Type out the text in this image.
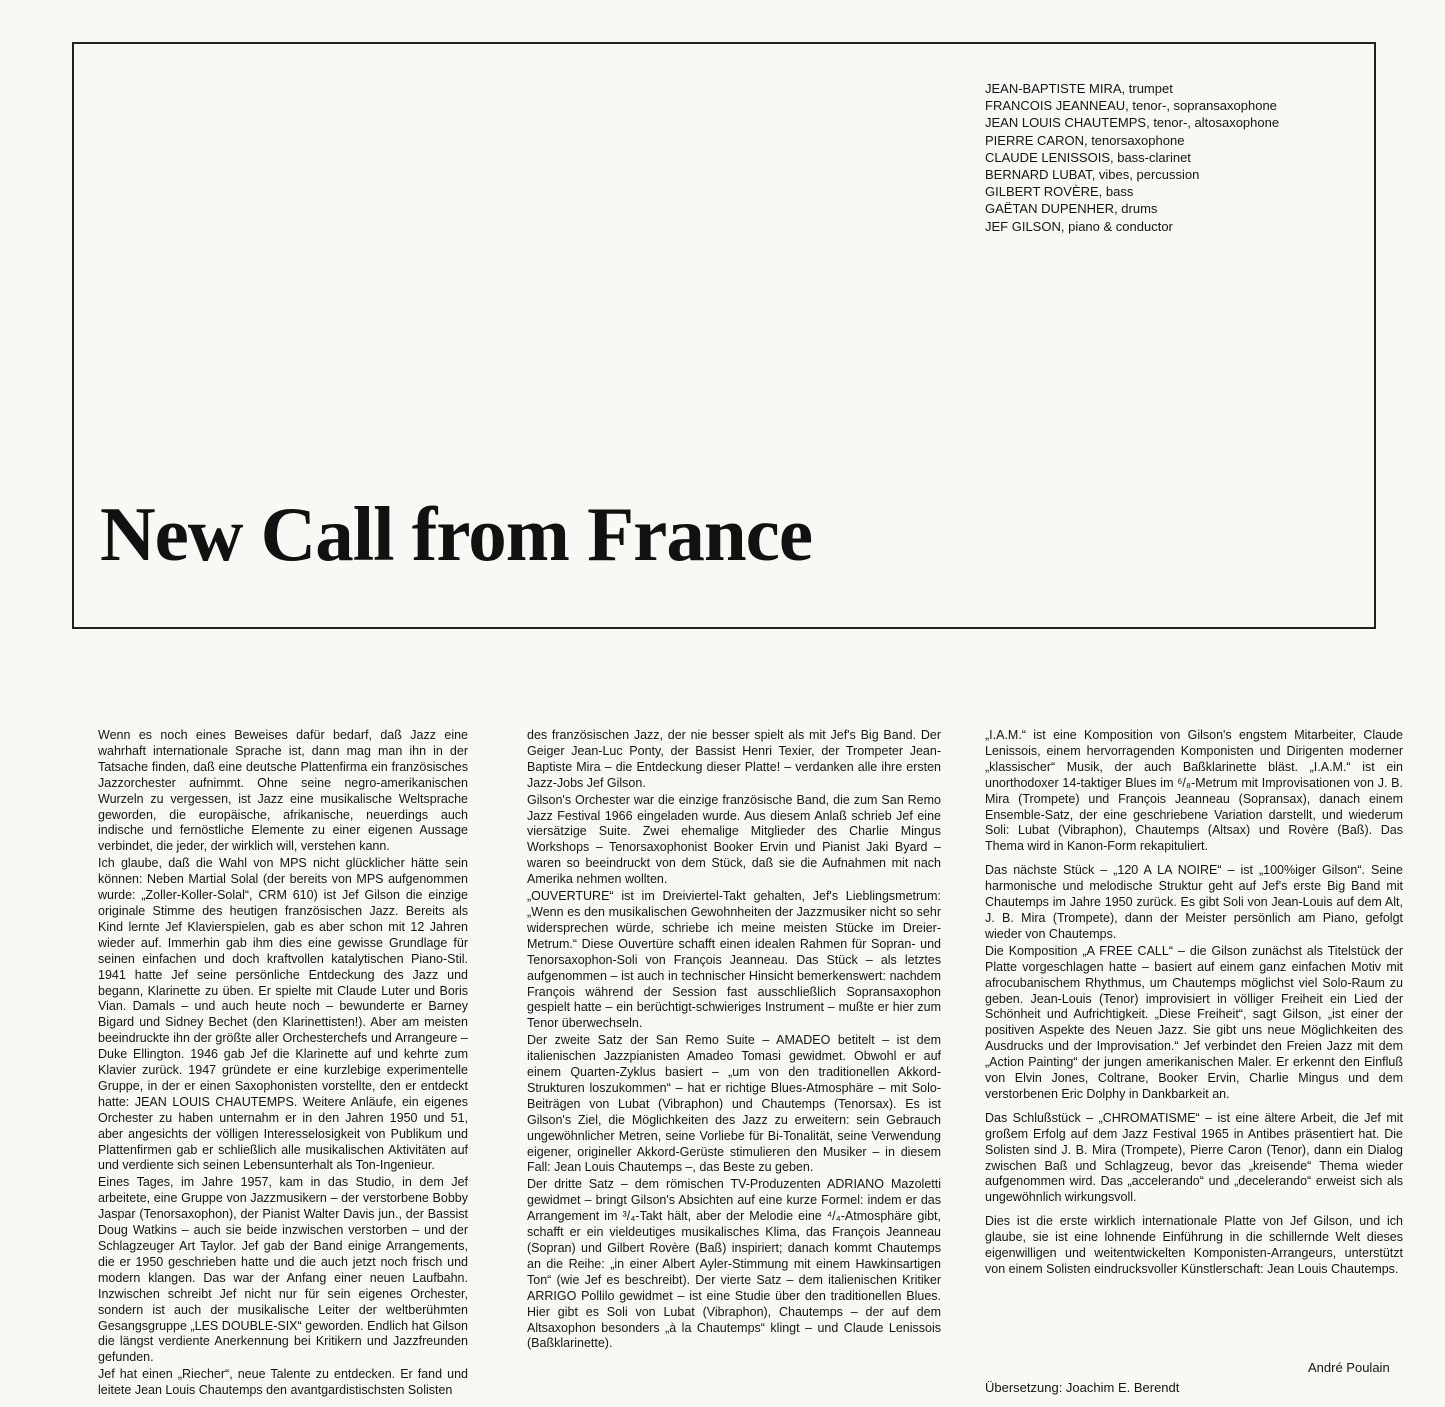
JEAN-BAPTISTE MIRA, trumpet
FRANCOIS JEANNEAU, tenor-, sopransaxophone
JEAN LOUIS CHAUTEMPS, tenor-, altosaxophone
PIERRE CARON, tenorsaxophone
CLAUDE LENISSOIS, bass-clarinet
BERNARD LUBAT, vibes, percussion
GILBERT ROVÈRE, bass
GAËTAN DUPENHER, drums
JEF GILSON, piano & conductor
New Call from France

Wenn es noch eines Beweises dafür bedarf, daß Jazz eine wahrhaft internationale Sprache ist, dann mag man ihn in der Tatsache finden, daß eine deutsche Plattenfirma ein französisches Jazzorchester aufnimmt. Ohne seine negro-amerikanischen Wurzeln zu vergessen, ist Jazz eine musikalische Weltsprache geworden, die europäische, afrikanische, neuerdings auch indische und fernöstliche Elemente zu einer eigenen Aussage verbindet, die jeder, der wirklich will, verstehen kann.

Ich glaube, daß die Wahl von MPS nicht glücklicher hätte sein können: Neben Martial Solal (der bereits von MPS aufgenommen wurde: „Zoller-Koller-Solal“, CRM 610) ist Jef Gilson die einzige originale Stimme des heutigen französischen Jazz. Bereits als Kind lernte Jef Klavierspielen, gab es aber schon mit 12 Jahren wieder auf. Immerhin gab ihm dies eine gewisse Grundlage für seinen einfachen und doch kraftvollen katalytischen Piano-Stil. 1941 hatte Jef seine persönliche Entdeckung des Jazz und begann, Klarinette zu üben. Er spielte mit Claude Luter und Boris Vian. Damals – und auch heute noch – bewunderte er Barney Bigard und Sidney Bechet (den Klarinettisten!). Aber am meisten beeindruckte ihn der größte aller Orchesterchefs und Arrangeure – Duke Ellington. 1946 gab Jef die Klarinette auf und kehrte zum Klavier zurück. 1947 gründete er eine kurzlebige experimentelle Gruppe, in der er einen Saxophonisten vorstellte, den er entdeckt hatte: JEAN LOUIS CHAUTEMPS. Weitere Anläufe, ein eigenes Orchester zu haben unternahm er in den Jahren 1950 und 51, aber angesichts der völligen Interesselosigkeit von Publikum und Plattenfirmen gab er schließlich alle musikalischen Aktivitäten auf und verdiente sich seinen Lebensunterhalt als Ton-Ingenieur.

Eines Tages, im Jahre 1957, kam in das Studio, in dem Jef arbeitete, eine Gruppe von Jazzmusikern – der verstorbene Bobby Jaspar (Tenorsaxophon), der Pianist Walter Davis jun., der Bassist Doug Watkins – auch sie beide inzwischen verstorben – und der Schlagzeuger Art Taylor. Jef gab der Band einige Arrangements, die er 1950 geschrieben hatte und die auch jetzt noch frisch und modern klangen. Das war der Anfang einer neuen Laufbahn. Inzwischen schreibt Jef nicht nur für sein eigenes Orchester, sondern ist auch der musikalische Leiter der weltberühmten Gesangsgruppe „LES DOUBLE-SIX“ geworden. Endlich hat Gilson die längst verdiente Anerkennung bei Kritikern und Jazzfreunden gefunden.

Jef hat einen „Riecher“, neue Talente zu entdecken. Er fand und leitete Jean Louis Chautemps den avantgardistischsten Solisten

des französischen Jazz, der nie besser spielt als mit Jef's Big Band. Der Geiger Jean-Luc Ponty, der Bassist Henri Texier, der Trompeter Jean-Baptiste Mira – die Entdeckung dieser Platte! – verdanken alle ihre ersten Jazz-Jobs Jef Gilson.

Gilson's Orchester war die einzige französische Band, die zum San Remo Jazz Festival 1966 eingeladen wurde. Aus diesem Anlaß schrieb Jef eine viersätzige Suite. Zwei ehemalige Mitglieder des Charlie Mingus Workshops – Tenorsaxophonist Booker Ervin und Pianist Jaki Byard – waren so beeindruckt von dem Stück, daß sie die Aufnahmen mit nach Amerika nehmen wollten.

„OUVERTURE“ ist im Dreiviertel-Takt gehalten, Jef's Lieblingsmetrum: „Wenn es den musikalischen Gewohnheiten der Jazzmusiker nicht so sehr widersprechen würde, schriebe ich meine meisten Stücke im Dreier-Metrum.“ Diese Ouvertüre schafft einen idealen Rahmen für Sopran- und Tenorsaxophon-Soli von François Jeanneau. Das Stück – als letztes aufgenommen – ist auch in technischer Hinsicht bemerkenswert: nachdem François während der Session fast ausschließlich Sopransaxophon gespielt hatte – ein berüchtigt-schwieriges Instrument – mußte er hier zum Tenor überwechseln.

Der zweite Satz der San Remo Suite – AMADEO betitelt – ist dem italienischen Jazzpianisten Amadeo Tomasi gewidmet. Obwohl er auf einem Quarten-Zyklus basiert – „um von den traditionellen Akkord-Strukturen loszukommen“ – hat er richtige Blues-Atmosphäre – mit Solo-Beiträgen von Lubat (Vibraphon) und Chautemps (Tenorsax). Es ist Gilson's Ziel, die Möglichkeiten des Jazz zu erweitern: sein Gebrauch ungewöhnlicher Metren, seine Vorliebe für Bi-Tonalität, seine Verwendung eigener, origineller Akkord-Gerüste stimulieren den Musiker – in diesem Fall: Jean Louis Chautemps –, das Beste zu geben.

Der dritte Satz – dem römischen TV-Produzenten ADRIANO Mazoletti gewidmet – bringt Gilson's Absichten auf eine kurze Formel: indem er das Arrangement im ³/₄-Takt hält, aber der Melodie eine ⁴/₄-Atmosphäre gibt, schafft er ein vieldeutiges musikalisches Klima, das François Jeanneau (Sopran) und Gilbert Rovère (Baß) inspiriert; danach kommt Chautemps an die Reihe: „in einer Albert Ayler-Stimmung mit einem Hawkinsartigen Ton“ (wie Jef es beschreibt). Der vierte Satz – dem italienischen Kritiker ARRIGO Pollilo gewidmet – ist eine Studie über den traditionellen Blues. Hier gibt es Soli von Lubat (Vibraphon), Chautemps – der auf dem Altsaxophon besonders „à la Chautemps“ klingt – und Claude Lenissois (Baßklarinette).

„I.A.M.“ ist eine Komposition von Gilson's engstem Mitarbeiter, Claude Lenissois, einem hervorragenden Komponisten und Dirigenten moderner „klassischer“ Musik, der auch Baßklarinette bläst. „I.A.M.“ ist ein unorthodoxer 14-taktiger Blues im ⁶/₈-Metrum mit Improvisationen von J. B. Mira (Trompete) und François Jeanneau (Sopransax), danach einem Ensemble-Satz, der eine geschriebene Variation darstellt, und wiederum Soli: Lubat (Vibraphon), Chautemps (Altsax) und Rovère (Baß). Das Thema wird in Kanon-Form rekapituliert.

Das nächste Stück – „120 A LA NOIRE“ – ist „100%iger Gilson“. Seine harmonische und melodische Struktur geht auf Jef's erste Big Band mit Chautemps im Jahre 1950 zurück. Es gibt Soli von Jean-Louis auf dem Alt, J. B. Mira (Trompete), dann der Meister persönlich am Piano, gefolgt wieder von Chautemps.

Die Komposition „A FREE CALL“ – die Gilson zunächst als Titelstück der Platte vorgeschlagen hatte – basiert auf einem ganz einfachen Motiv mit afrocubanischem Rhythmus, um Chautemps möglichst viel Solo-Raum zu geben. Jean-Louis (Tenor) improvisiert in völliger Freiheit ein Lied der Schönheit und Aufrichtigkeit. „Diese Freiheit“, sagt Gilson, „ist einer der positiven Aspekte des Neuen Jazz. Sie gibt uns neue Möglichkeiten des Ausdrucks und der Improvisation.“ Jef verbindet den Freien Jazz mit dem „Action Painting“ der jungen amerikanischen Maler. Er erkennt den Einfluß von Elvin Jones, Coltrane, Booker Ervin, Charlie Mingus und dem verstorbenen Eric Dolphy in Dankbarkeit an.

Das Schlußstück – „CHROMATISME“ – ist eine ältere Arbeit, die Jef mit großem Erfolg auf dem Jazz Festival 1965 in Antibes präsentiert hat. Die Solisten sind J. B. Mira (Trompete), Pierre Caron (Tenor), dann ein Dialog zwischen Baß und Schlagzeug, bevor das „kreisende“ Thema wieder aufgenommen wird. Das „accelerando“ und „decelerando“ erweist sich als ungewöhnlich wirkungsvoll.

Dies ist die erste wirklich internationale Platte von Jef Gilson, und ich glaube, sie ist eine lohnende Einführung in die schillernde Welt dieses eigenwilligen und weitentwickelten Komponisten-Arrangeurs, unterstützt von einem Solisten eindrucksvoller Künstlerschaft: Jean Louis Chautemps.

André Poulain
Übersetzung: Joachim E. Berendt
